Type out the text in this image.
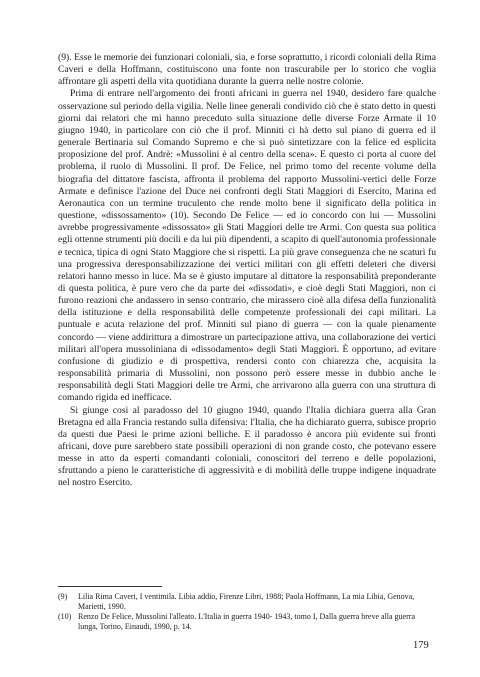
(9). Esse le memorie dei funzionari coloniali, sia, e forse soprattutto, i ricordi coloniali della Rima Caveri e della Hoffmann, costituiscono una fonte non trascurabile per lo storico che voglia affrontare gli aspetti della vita quotidiana durante la guerra nelle nostre colonie.

Prima di entrare nell'argomento dei fronti africani in guerra nel 1940, desidero fare qualche osservazione sul periodo della vigilia. Nelle linee generali condivido ciò che è stato detto in questi giorni dai relatori che mi hanno preceduto sulla situazione delle diverse Forze Armate il 10 giugno 1940, in particolare con ciò che il prof. Minniti ci hà detto sul piano di guerra ed il generale Bertinaria sul Comando Supremo e che si può sintetizzare con la felice ed esplicita proposizione del prof. Andrè: «Mussolini è al centro della scena». E questo ci porta al cuore del problema, il ruolo di Mussolini. Il prof. De Felice, nel primo tomo del recente volume della biografia del dittatore fascista, affronta il problema del rapporto Mussolini-vertici delle Forze Armate e definisce l'azione del Duce nei confronti degli Stati Maggiori di Esercito, Marina ed Aeronautica con un termine truculento che rende molto bene il significato della politica in questione, «dissossamento» (10). Secondo De Felice — ed io concordo con lui — Mussolini avrebbe progressivamente «dissossato» gli Stati Maggiori delle tre Armi. Con questa sua politica egli ottenne strumenti più docili e da lui più dipendenti, a scapito di quell'autonomia professionale e tecnica, tipica di ogni Stato Maggiore che si rispetti. La più grave conseguenza che ne scaturì fu una progressiva deresponsabilizzazione dei vertici militari con gli effetti deleteri che diversi relatori hanno messo in luce. Ma se è giusto imputare al dittatore la responsabilità preponderante di questa politica, è pure vero che da parte dei «dissodati», e cioè degli Stati Maggiori, non ci furono reazioni che andassero in senso contrario, che mirassero cioè alla difesa della funzionalità della istituzione e della responsabilità delle competenze professionali dei capi militari. La puntuale e acuta relazione del prof. Minniti sul piano di guerra — con la quale pienamente concordo — viene addirittura a dimostrare un partecipazione attiva, una collaborazione dei vertici militari all'opera mussoliniana di «dissodamento» degli Stati Maggiori. È opportuno, ad evitare confusione di giudizio e di prospettiva, rendersi conto con chiarezza che, acquisita la responsabilità primaria di Mussolini, non possono però essere messe in dubbio anche le responsabilità degli Stati Maggiori delle tre Armi, che arrivarono alla guerra con una struttura di comando rigida ed inefficace.

Si giunge così al paradosso del 10 giugno 1940, quando l'Italia dichiara guerra alla Gran Bretagna ed alla Francia restando sulla difensiva: l'Italia, che ha dichiarato guerra, subisce proprio da questi due Paesi le prime azioni belliche. E il paradosso è ancora più evidente sui fronti africani, dove pure sarebbero state possibili operazioni di non grande costo, che potevano essere messe in atto da esperti comandanti coloniali, conoscitori del terreno e delle popolazioni, sfruttando a pieno le caratteristiche di aggressività e di mobilità delle truppe indigene inquadrate nel nostro Esercito.

(9)	Lilia Rima Caveri, I ventimila. Libia addio, Firenze Libri, 1988; Paola Hoffmann, La mia Libia, Genova, Marietti, 1990.
(10) Renzo De Felice, Mussolini l'alleato. L'Italia in guerra 1940- 1943, tomo I, Dalla guerra breve alla guerra lunga, Torino, Einaudi, 1990, p. 14.
179
